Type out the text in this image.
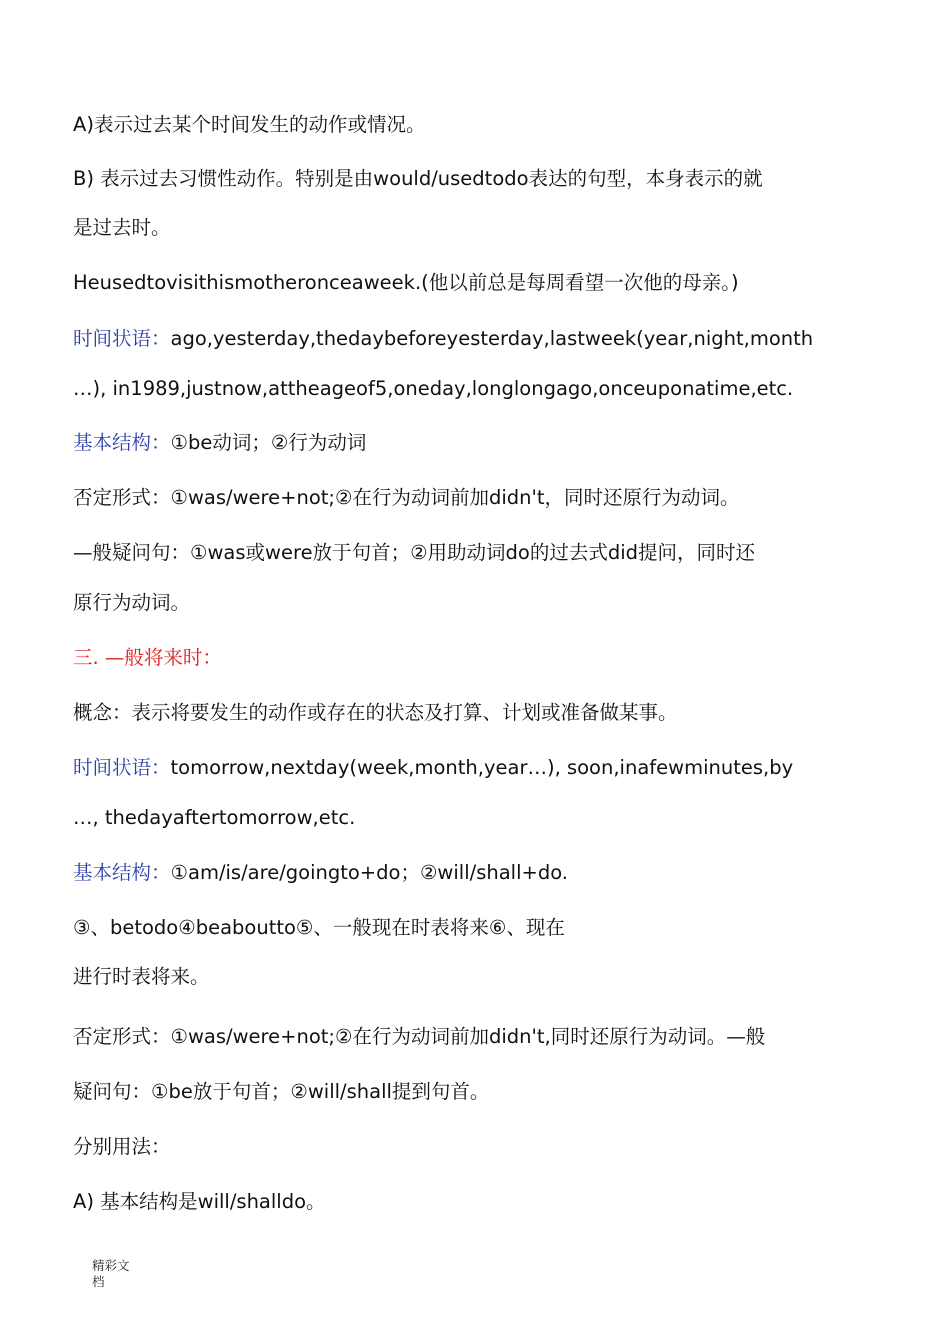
A)表示过去某个时间发生的动作或情况。
B) 表示过去习惯性动作。特别是由would/usedtodo表达的句型，本身表示的就
是过去时。
Heusedtovisithismotheronceaweek.(他以前总是每周看望一次他的母亲。)
时间状语：ago,yesterday,thedaybeforeyesterday,lastweek(year,night,month
…), in1989,justnow,attheageof5,oneday,longlongago,onceuponatime,etc.
基本结构：①be动词；②行为动词
否定形式：①was/were+not;②在行为动词前加didn't，同时还原行为动词。
—般疑问句：①was或were放于句首；②用助动词do的过去式did提问，同时还
原行为动词。
三. —般将来时：
概念：表示将要发生的动作或存在的状态及打算、计划或准备做某事。
时间状语：tomorrow,nextday(week,month,year…), soon,inafewminutes,by
…, thedayaftertomorrow,etc.
基本结构：①am/is/are/goingto+do；②will/shall+do.
③、betodo④beaboutto⑤、一般现在时表将来⑥、现在
进行时表将来。
否定形式：①was/were+not;②在行为动词前加didn't,同时还原行为动词。—般
疑问句：①be放于句首；②will/shall提到句首。
分别用法：
A) 基本结构是will/shalldo。
精彩文档
